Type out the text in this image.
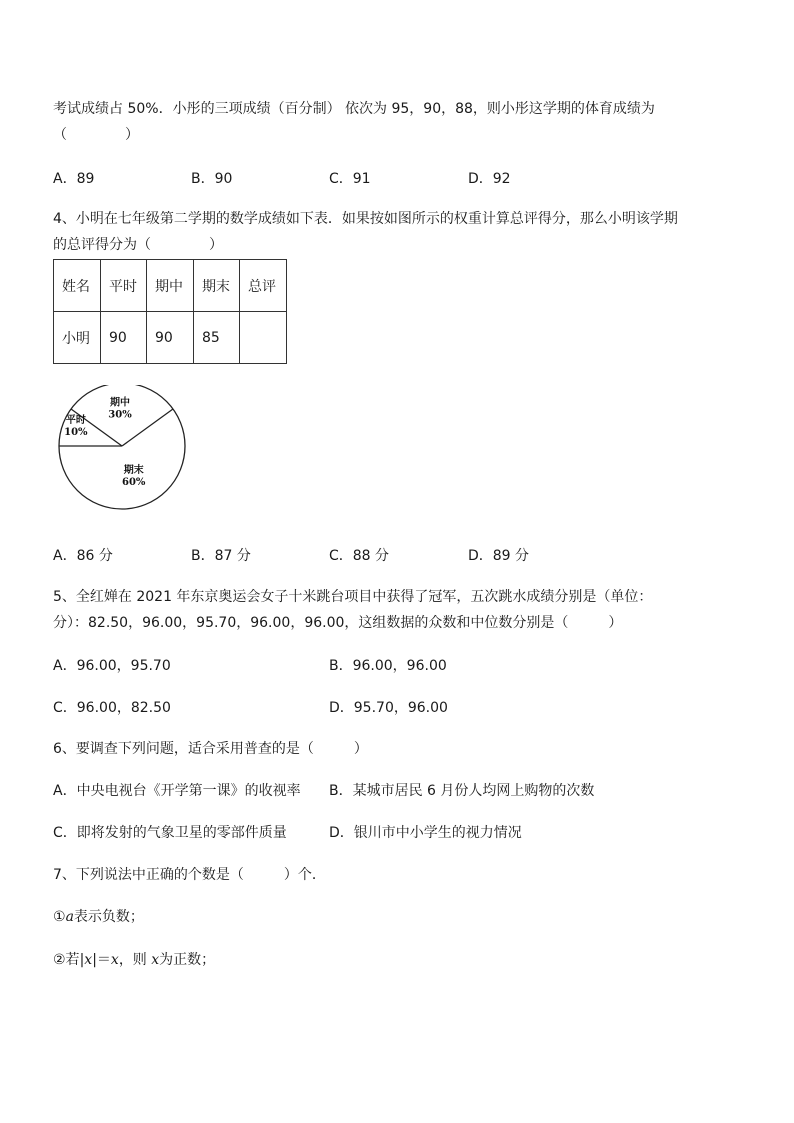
考试成绩占 50%．小彤的三项成绩（百分制） 依次为 95，90，88，则小彤这学期的体育成绩为
（	）
A．89	B．90	C．91	D．92
4、小明在七年级第二学期的数学成绩如下表．如果按如图所示的权重计算总评得分，那么小明该学期
的总评得分为（	）
姓名	平时	期中	期末	总评
小明	90	90	85	
平时
10%
期中
30%
期末
60%
A．86 分	B．87 分	C．88 分	D．89 分
5、全红婵在 2021 年东京奥运会女子十米跳台项目中获得了冠军，五次跳水成绩分别是（单位：
分）：82.50，96.00，95.70，96.00，96.00，这组数据的众数和中位数分别是（	）
A．96.00，95.70	B．96.00，96.00
C．96.00，82.50	D．95.70，96.00
6、要调查下列问题，适合采用普查的是（	）
A．中央电视台《开学第一课》的收视率 B．某城市居民 6 月份人均网上购物的次数
C．即将发射的气象卫星的零部件质量	D．银川市中小学生的视力情况
7、下列说法中正确的个数是（	）个．
①a表示负数；
②若|x|＝x，则 x为正数；
